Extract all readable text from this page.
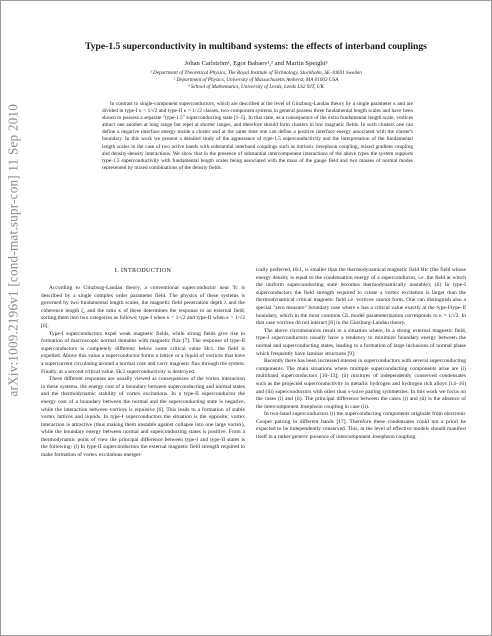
arXiv:1009.2196v1 [cond-mat.supr-con] 11 Sep 2010
Type-1.5 superconductivity in multiband systems: the effects of interband couplings
Johan Carlström¹, Egor Babaev¹,² and Martin Speight³
¹ Department of Theoretical Physics, The Royal Institute of Technology, Stockholm, SE-10691 Sweden
² Department of Physics, University of Massachusetts Amherst, MA 01003 USA
³ School of Mathematics, University of Leeds, Leeds LS2 9JT, UK
In contrast to single-component superconductors, which are described at the level of Ginzburg-Landau theory by a single parameter κ and are divided in type-I κ < 1/√2 and type-II κ > 1/√2 classes, two-component systems in general possess three fundamental length scales and have been shown to possess a separate "type-1.5" superconducting state [1–5]. In that state, as a consequence of the extra fundamental length scale, vortices attract one another at long range but repel at shorter ranges, and therefore should form clusters in low magnetic fields. In such clusters one can define a negative interface energy inside a cluster and at the same time one can define a positive interface energy associated with the cluster's boundary. In this work we present a detailed study of the appearance of type-1.5 superconductivity and the interpretation of the fundamental length scales in the case of two active bands with substantial interband couplings such as intrinsic Josephson coupling, mixed gradient coupling and density-density interactions. We show that in the presence of substantial intercomponent interactions of the above types the system supports type-1.5 superconductivity with fundamental length scales being associated with the mass of the gauge field and two masses of normal modes represented by mixed combinations of the density fields.
I. INTRODUCTION

According to Ginzburg-Landau theory, a conventional superconductor near Tc is described by a single complex order parameter field. The physics of these systems is governed by two fundamental length scales, the magnetic field penetration depth λ and the coherence length ξ, and the ratio κ of these determines the response to an external field, sorting them into two categories as follows; type-I when κ < 1/√2 and type-II when κ > 1/√2 [6].

Type-I superconductors expel weak magnetic fields, while strong fields give rise to formation of macroscopic normal domains with magnetic flux [7]. The response of type-II superconductors is completely different; below some critical value Hc1, the field is expelled. Above this value a superconductor forms a lattice or a liquid of vortices that have a supercurrent circulating around a normal core and carry magnetic flux through the system. Finally, at a second critical value, Hc2 superconductivity is destroyed.

These different responses are usually viewed as consequences of the vortex interaction in these systems, the energy cost of a boundary between superconducting and normal states and the thermodynamic stability of vortex excitations. In a type-II superconductor the energy cost of a boundary between the normal and the superconducting state is negative, while the interaction between vortices is repulsive [6]. This leads to a formation of stable vortex lattices and liquids. In type-I superconductors the situation is the opposite; vortex interaction is attractive (thus making them unstable against collapse into one large vortex), while the boundary energy between normal and superconducting states is positive. From a thermodynamic point of view the principal difference between type-I and type-II states is the following: (i) In type-II superconductors the external magnetic field strength required to make formation of vortex excitations energet-

ically preferred, Hc1, is smaller than the thermodynamical magnetic field Htc (the field whose energy density is equal to the condensation energy of a superconductor, i.e. the field at which the uniform superconducting state becomes thermodynamically unstable); (ii) In type-I superconductors the field strength required to create a vortex excitation is larger than the thermodynamical critical magnetic field i.e. vortices cannot form. One can distinguish also a special "zero measure" boundary case where κ has a critical value exactly at the type-I/type-II boundary, which in the most common GL model parameterization corresponds to κ = 1/√2. In that case vortices do not interact [8] in the Ginzburg-Landau theory.

The above circumstances result in a situation where, in a strong external magnetic field, type-I superconductors usually have a tendency to minimize boundary energy between the normal and superconducting states, leading to a formation of large inclusions of normal phase which frequently have laminar structures [9].

Recently there has been increased interest in superconductors with several superconducting components. The main situations where multiple superconducting components arise are (i) multiband superconductors [10–13]; (ii) mixtures of independently conserved condensates such as the projected superconductivity in metallic hydrogen and hydrogen rich alloys [14–16] and (iii) superconductors with other than s-wave pairing symmetries. In this work we focus on the cases (i) and (ii). The principal difference between the cases (i) and (ii) is the absence of the intercomponent Josephson coupling in case (ii).

In two-band superconductors (i) the superconducting components originate from electronic Cooper pairing in different bands [17]. Therefore these condensates could not a priori be expected to be independently conserved. This, at the level of effective models should manifest itself in a rather generic presence of intercomponent Josephson coupling.
